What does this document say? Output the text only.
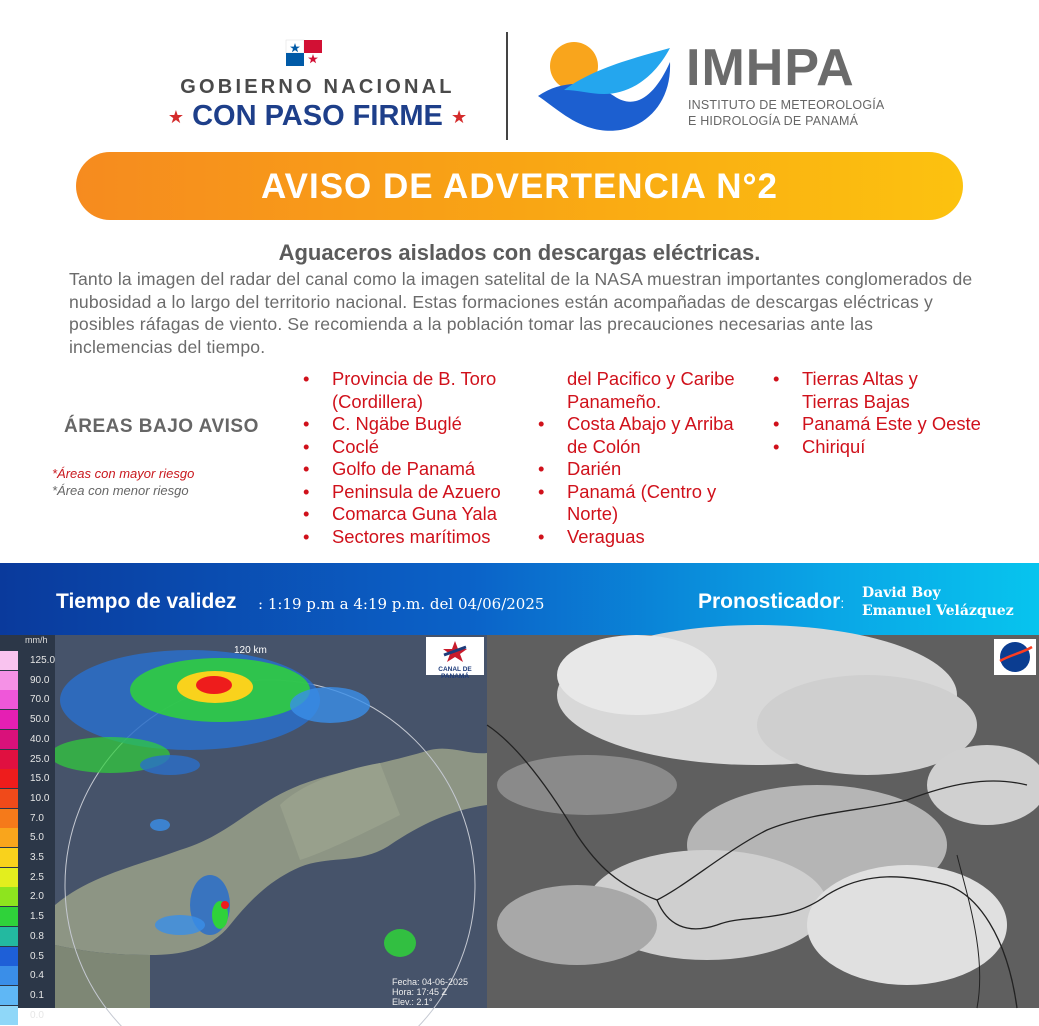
GOBIERNO NACIONAL
★ CON PASO FIRME ★
IMHPA
INSTITUTO DE METEOROLOGÍA
E HIDROLOGÍA DE PANAMÁ
AVISO DE ADVERTENCIA N°2
Aguaceros aislados con descargas eléctricas.
Tanto la imagen del radar del canal como la imagen satelital de la NASA muestran importantes conglomerados de nubosidad a lo largo del territorio nacional. Estas formaciones están acompañadas de descargas eléctricas y posibles ráfagas de viento. Se recomienda a la población tomar las precauciones necesarias ante las inclemencias del tiempo.
ÁREAS BAJO AVISO
*Áreas con mayor riesgo
*Área con menor riesgo
• Provincia de B. Toro
(Cordillera)
• C. Ngäbe Buglé
• Coclé
• Golfo de Panamá
• Peninsula de Azuero
• Comarca Guna Yala
• Sectores marítimos
del Pacifico y Caribe
Panameño.
• Costa Abajo y Arriba
de Colón
• Darién
• Panamá (Centro y
Norte)
• Veraguas
• Tierras Altas y
Tierras Bajas
• Panamá Este y Oeste
• Chiriquí
Tiempo de validez : 1:19 p.m a 4:19 p.m. del 04/06/2025	Pronosticador:
David Boy
Emanuel Velázquez
mm/h
125.0
90.0
70.0
50.0
40.0
25.0
15.0
10.0
7.0
5.0
3.5
2.5
2.0
1.5
0.8
0.5
0.4
0.1
0.0
120 km
CANAL DE PANAMÁ
Fecha: 04-06-2025
Hora: 17:45 Z
Elev.: 2.1°
